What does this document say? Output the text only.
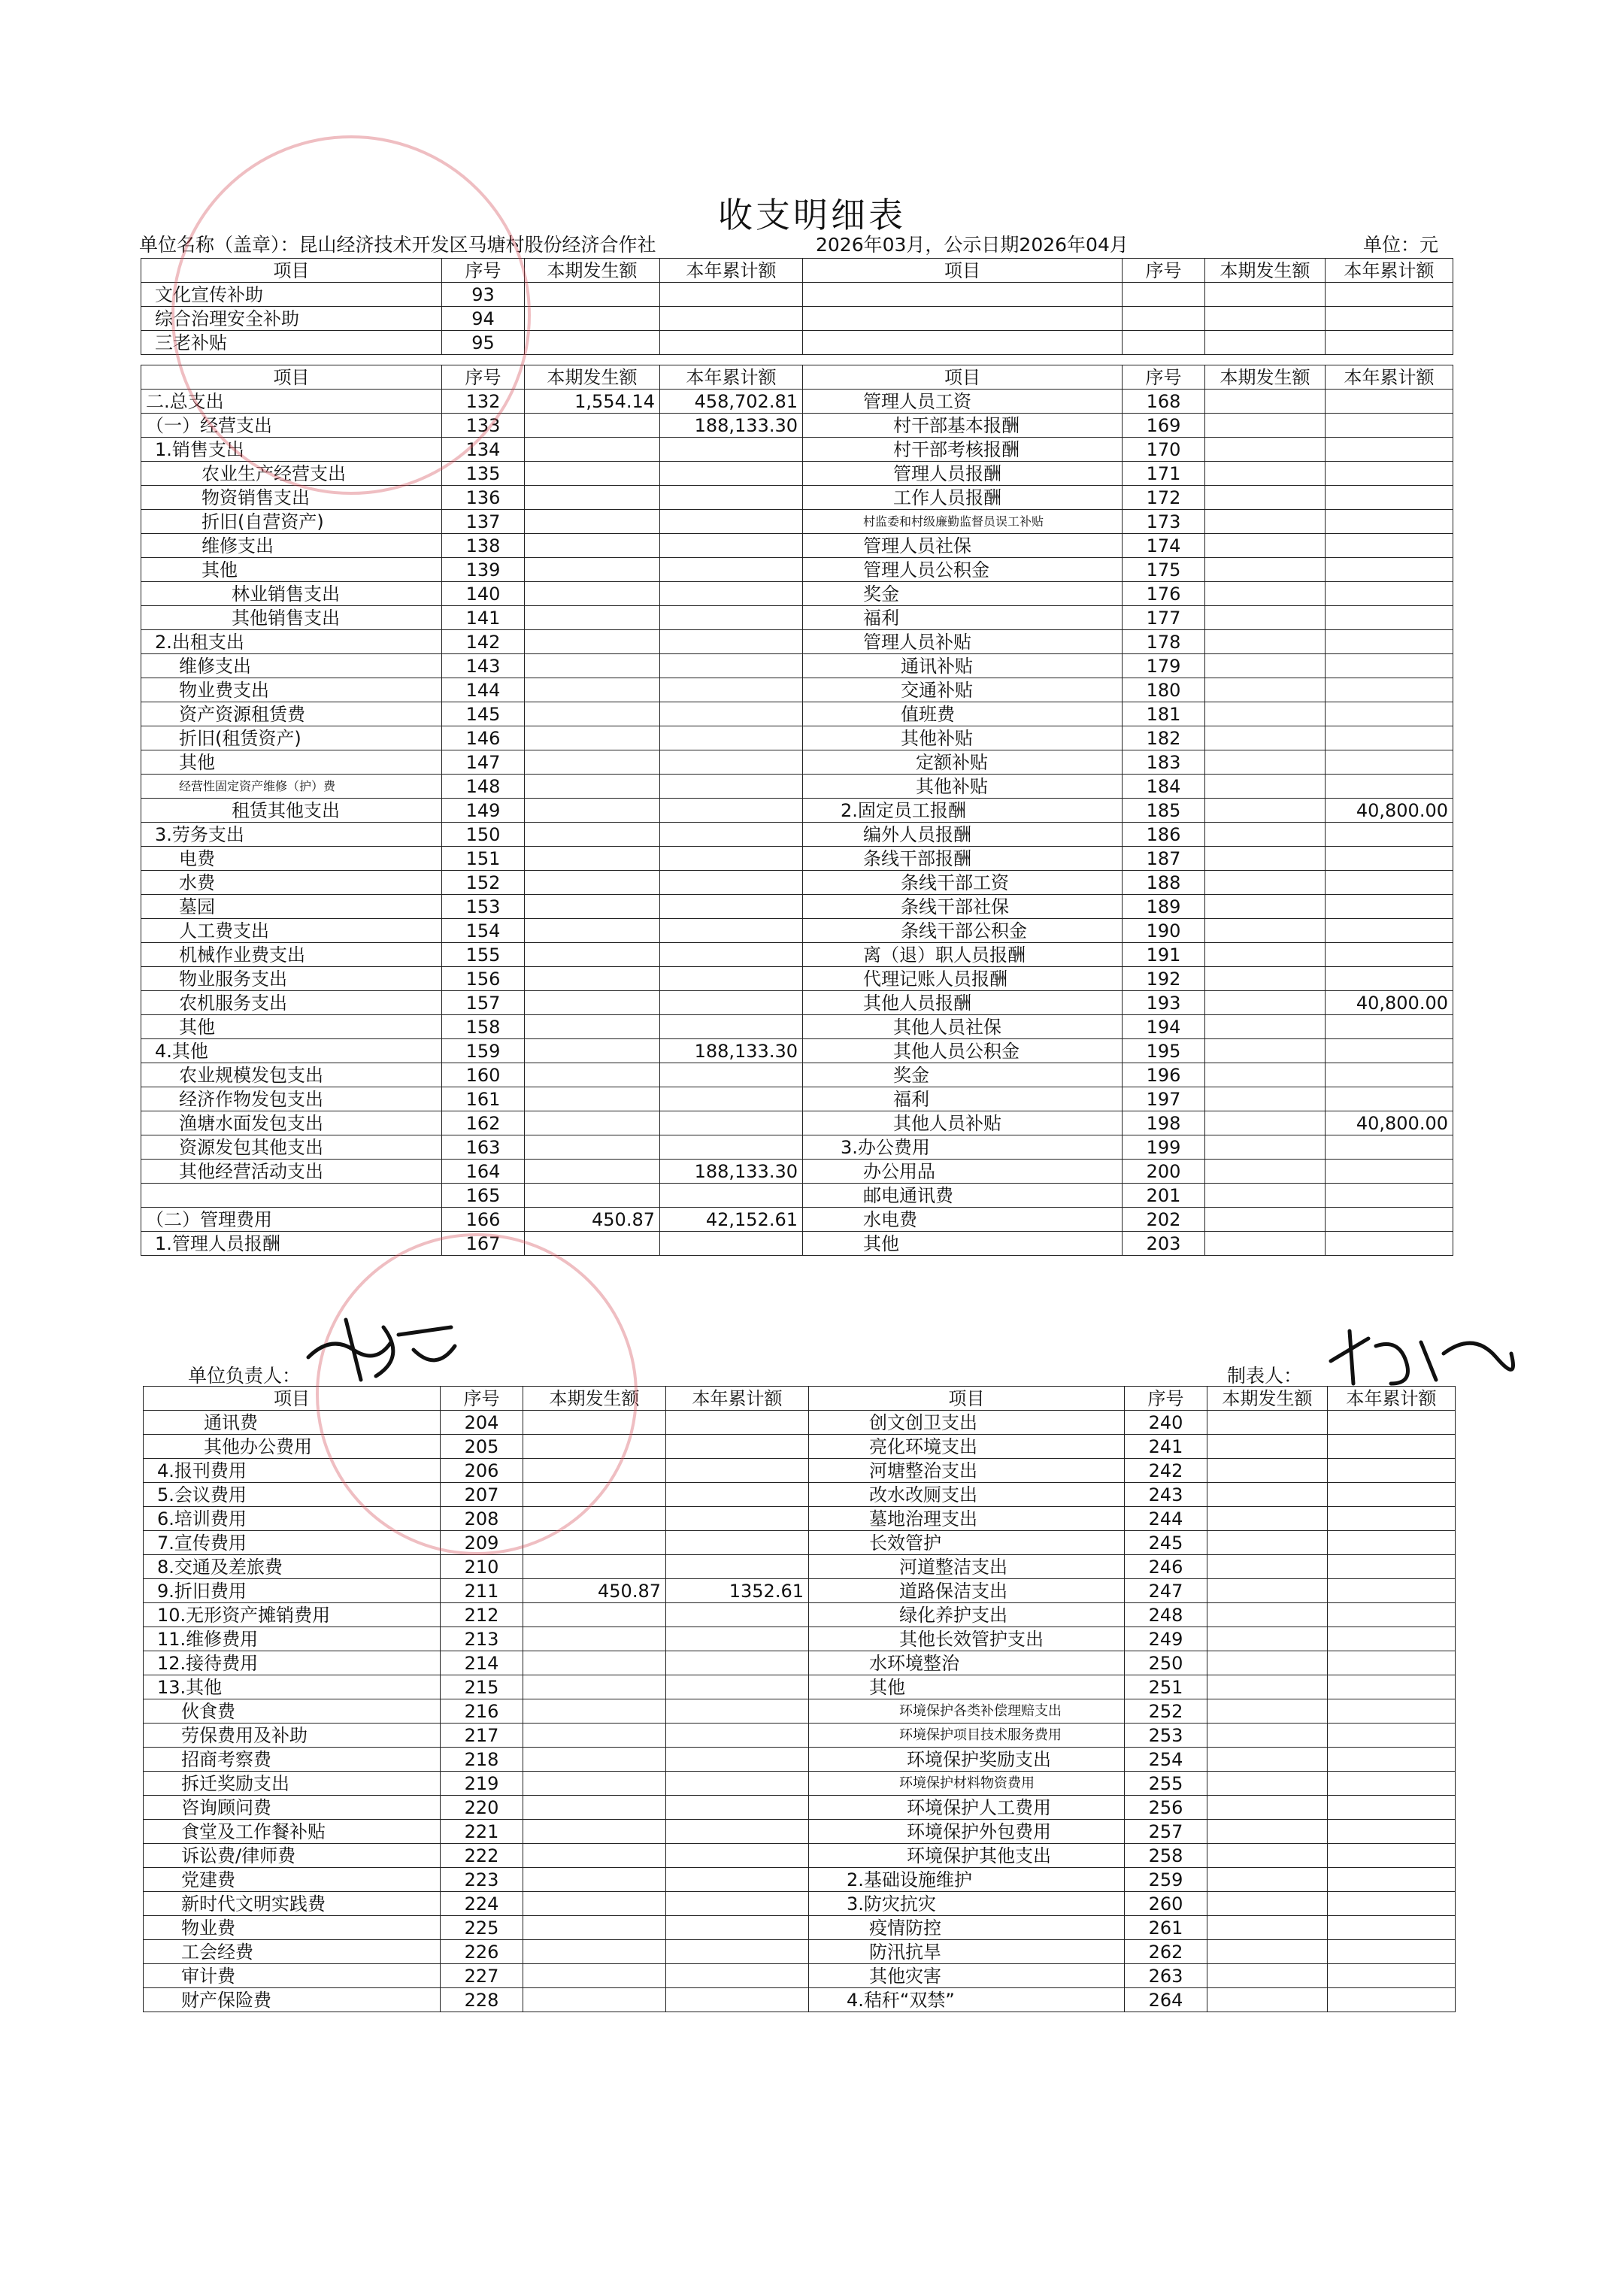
收支明细表
单位名称（盖章）：昆山经济技术开发区马塘村股份经济合作社	2026年03月，公示日期2026年04月	单位：元
项目	序号	本期发生额	本年累计额	项目	序号	本期发生额	本年累计额
文化宣传补助	93						
综合治理安全补助	94						
三老补贴	95						
项目	序号	本期发生额	本年累计额	项目	序号	本期发生额	本年累计额
二.总支出	132	1,554.14	458,702.81	管理人员工资	168		
（一）经营支出	133		188,133.30	村干部基本报酬	169		
1.销售支出	134			村干部考核报酬	170		
农业生产经营支出	135			管理人员报酬	171		
物资销售支出	136			工作人员报酬	172		
折旧(自营资产)	137			村监委和村级廉勤监督员误工补贴	173		
维修支出	138			管理人员社保	174		
其他	139			管理人员公积金	175		
林业销售支出	140			奖金	176		
其他销售支出	141			福利	177		
2.出租支出	142			管理人员补贴	178		
维修支出	143			通讯补贴	179		
物业费支出	144			交通补贴	180		
资产资源租赁费	145			值班费	181		
折旧(租赁资产)	146			其他补贴	182		
其他	147			定额补贴	183		
经营性固定资产维修（护）费	148			其他补贴	184		
租赁其他支出	149			2.固定员工报酬	185		40,800.00
3.劳务支出	150			编外人员报酬	186		
电费	151			条线干部报酬	187		
水费	152			条线干部工资	188		
墓园	153			条线干部社保	189		
人工费支出	154			条线干部公积金	190		
机械作业费支出	155			离（退）职人员报酬	191		
物业服务支出	156			代理记账人员报酬	192		
农机服务支出	157			其他人员报酬	193		40,800.00
其他	158			其他人员社保	194		
4.其他	159		188,133.30	其他人员公积金	195		
农业规模发包支出	160			奖金	196		
经济作物发包支出	161			福利	197		
渔塘水面发包支出	162			其他人员补贴	198		40,800.00
资源发包其他支出	163			3.办公费用	199		
其他经营活动支出	164		188,133.30	办公用品	200		
	165			邮电通讯费	201		
（二）管理费用	166	450.87	42,152.61	水电费	202		
1.管理人员报酬	167			其他	203		
单位负责人：	制表人：
项目	序号	本期发生额	本年累计额	项目	序号	本期发生额	本年累计额
通讯费	204			创文创卫支出	240		
其他办公费用	205			亮化环境支出	241		
4.报刊费用	206			河塘整治支出	242		
5.会议费用	207			改水改厕支出	243		
6.培训费用	208			墓地治理支出	244		
7.宣传费用	209			长效管护	245		
8.交通及差旅费	210			河道整洁支出	246		
9.折旧费用	211	450.87	1352.61	道路保洁支出	247		
10.无形资产摊销费用	212			绿化养护支出	248		
11.维修费用	213			其他长效管护支出	249		
12.接待费用	214			水环境整治	250		
13.其他	215			其他	251		
伙食费	216			环境保护各类补偿理赔支出	252		
劳保费用及补助	217			环境保护项目技术服务费用	253		
招商考察费	218			环境保护奖励支出	254		
拆迁奖励支出	219			环境保护材料物资费用	255		
咨询顾问费	220			环境保护人工费用	256		
食堂及工作餐补贴	221			环境保护外包费用	257		
诉讼费/律师费	222			环境保护其他支出	258		
党建费	223			2.基础设施维护	259		
新时代文明实践费	224			3.防灾抗灾	260		
物业费	225			疫情防控	261		
工会经费	226			防汛抗旱	262		
审计费	227			其他灾害	263		
财产保险费	228			4.秸秆“双禁”	264		
